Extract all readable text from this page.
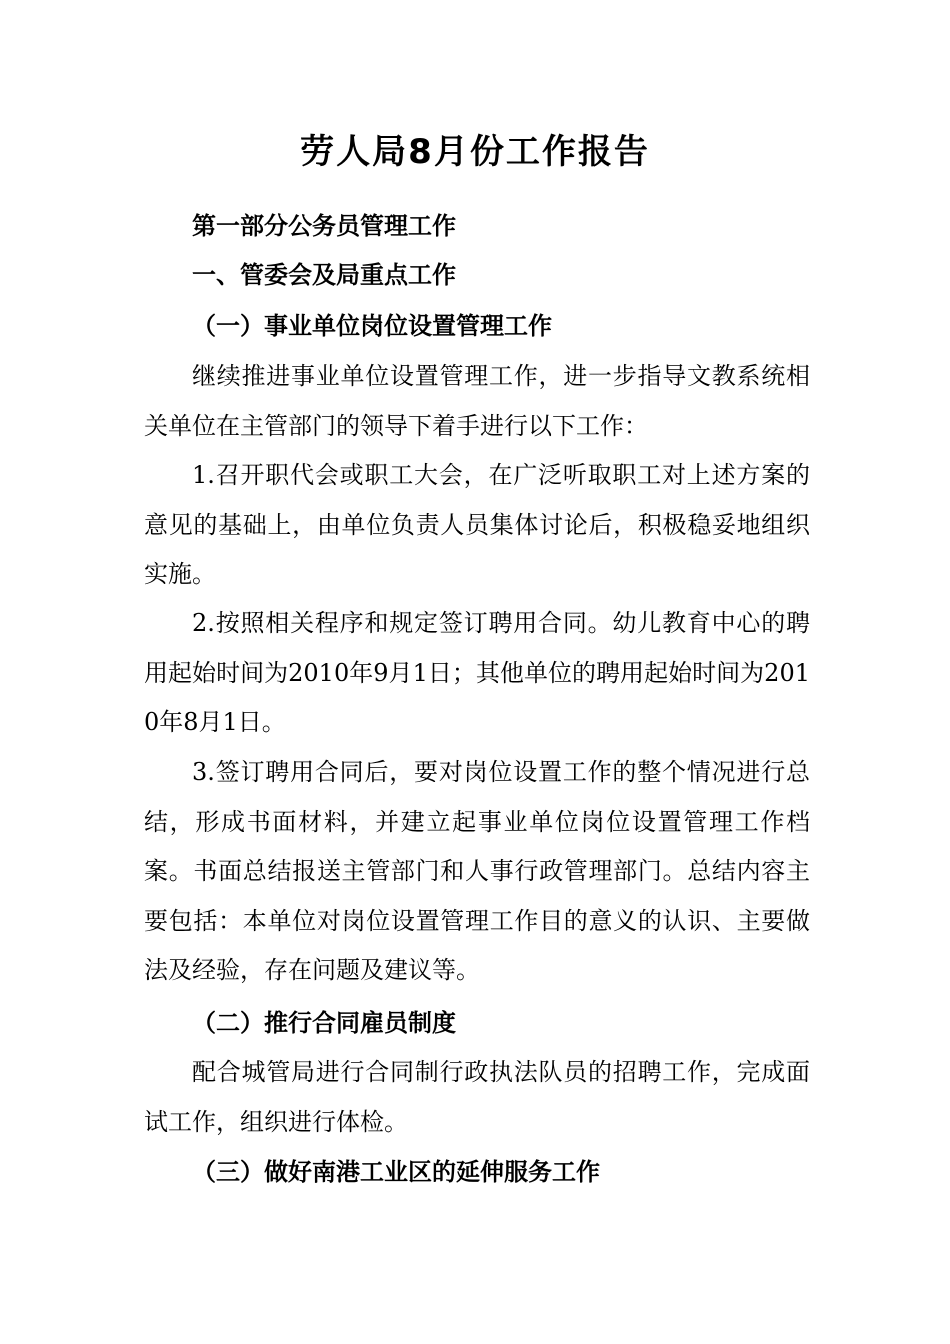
劳人局8月份工作报告
第一部分公务员管理工作
一、管委会及局重点工作
（一）事业单位岗位设置管理工作

继续推进事业单位设置管理工作，进一步指导文教系统相关单位在主管部门的领导下着手进行以下工作：

1.召开职代会或职工大会，在广泛听取职工对上述方案的意见的基础上，由单位负责人员集体讨论后，积极稳妥地组织实施。

2.按照相关程序和规定签订聘用合同。幼儿教育中心的聘用起始时间为2010年9月1日；其他单位的聘用起始时间为2010年8月1日。

3.签订聘用合同后，要对岗位设置工作的整个情况进行总结，形成书面材料，并建立起事业单位岗位设置管理工作档案。书面总结报送主管部门和人事行政管理部门。总结内容主要包括：本单位对岗位设置管理工作目的意义的认识、主要做法及经验，存在问题及建议等。

（二）推行合同雇员制度

配合城管局进行合同制行政执法队员的招聘工作，完成面试工作，组织进行体检。

（三）做好南港工业区的延伸服务工作
